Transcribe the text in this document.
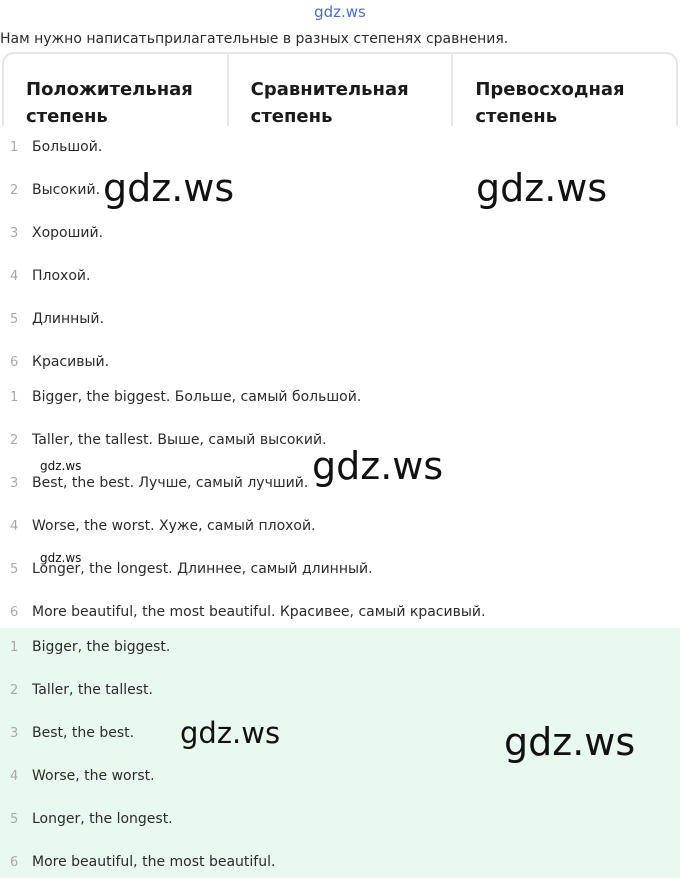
gdz.ws
Нам нужно написатьприлагательные в разных степенях сравнения.
Положительная
степень
Сравнительная
степень
Превосходная
степень
1 Большой.
2 Высокий.
3 Хороший.
4 Плохой.
5 Длинный.
6 Красивый.
1 Bigger, the biggest. Больше, самый большой.
2 Taller, the tallest. Выше, самый высокий.
3 Best, the best. Лучше, самый лучший.
4 Worse, the worst. Хуже, самый плохой.
5 Longer, the longest. Длиннее, самый длинный.
6 More beautiful, the most beautiful. Красивее, самый красивый.
1 Bigger, the biggest.
2 Taller, the tallest.
3 Best, the best.
4 Worse, the worst.
5 Longer, the longest.
6 More beautiful, the most beautiful.
gdz.ws	gdz.ws
gdz.ws
gdz.ws
gdz.ws
gdz.ws	gdz.ws
